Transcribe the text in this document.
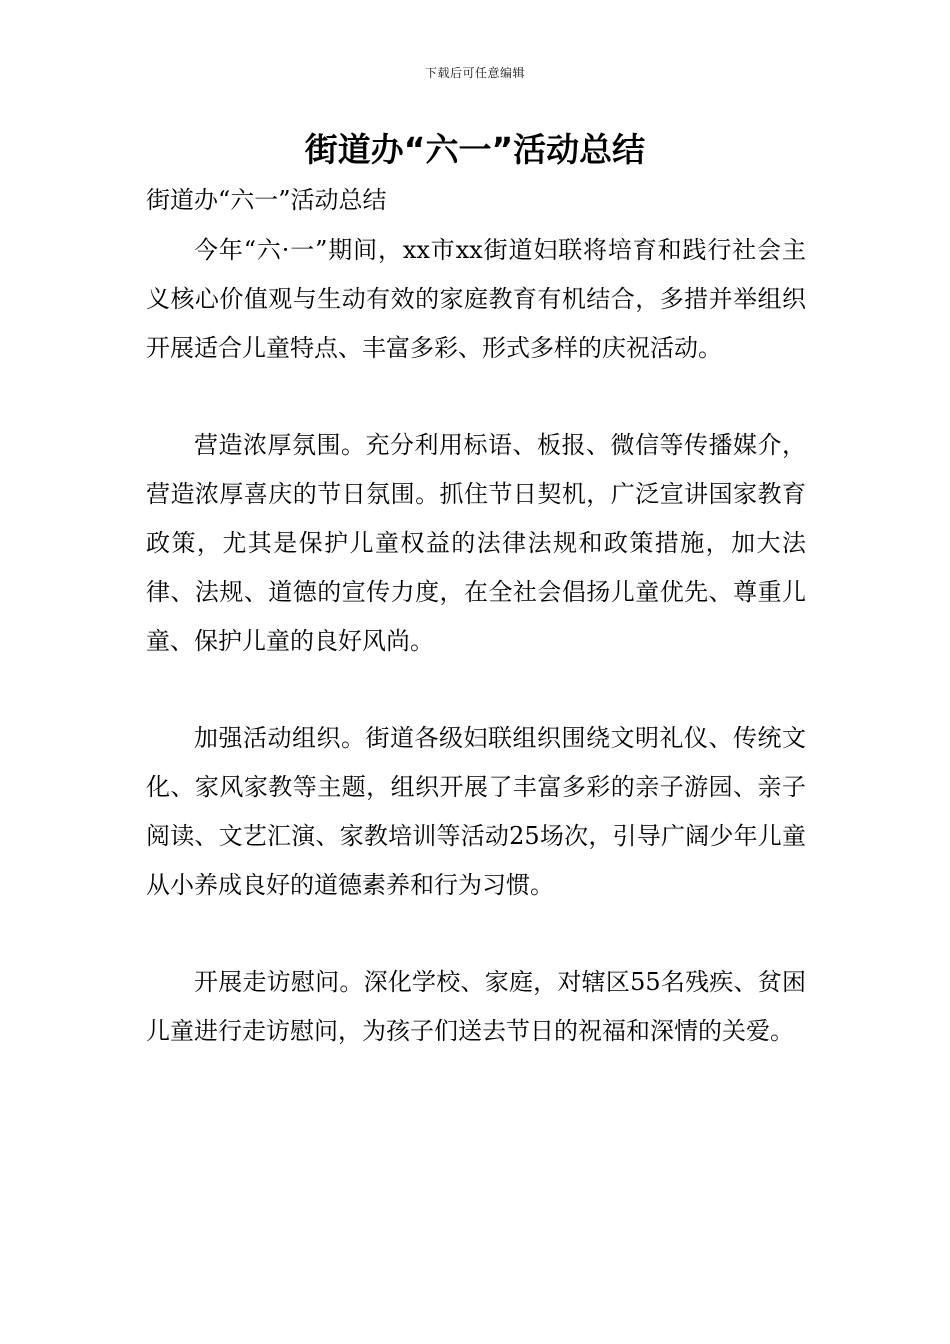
下载后可任意编辑
街道办“六一”活动总结

街道办“六一”活动总结

今年“六·一”期间，xx市xx街道妇联将培育和践行社会主义核心价值观与生动有效的家庭教育有机结合，多措并举组织开展适合儿童特点、丰富多彩、形式多样的庆祝活动。

营造浓厚氛围。充分利用标语、板报、微信等传播媒介，营造浓厚喜庆的节日氛围。抓住节日契机，广泛宣讲国家教育政策，尤其是保护儿童权益的法律法规和政策措施，加大法律、法规、道德的宣传力度，在全社会倡扬儿童优先、尊重儿童、保护儿童的良好风尚。

加强活动组织。街道各级妇联组织围绕文明礼仪、传统文化、家风家教等主题，组织开展了丰富多彩的亲子游园、亲子阅读、文艺汇演、家教培训等活动25场次，引导广阔少年儿童从小养成良好的道德素养和行为习惯。

开展走访慰问。深化学校、家庭，对辖区55名残疾、贫困儿童进行走访慰问，为孩子们送去节日的祝福和深情的关爱。
